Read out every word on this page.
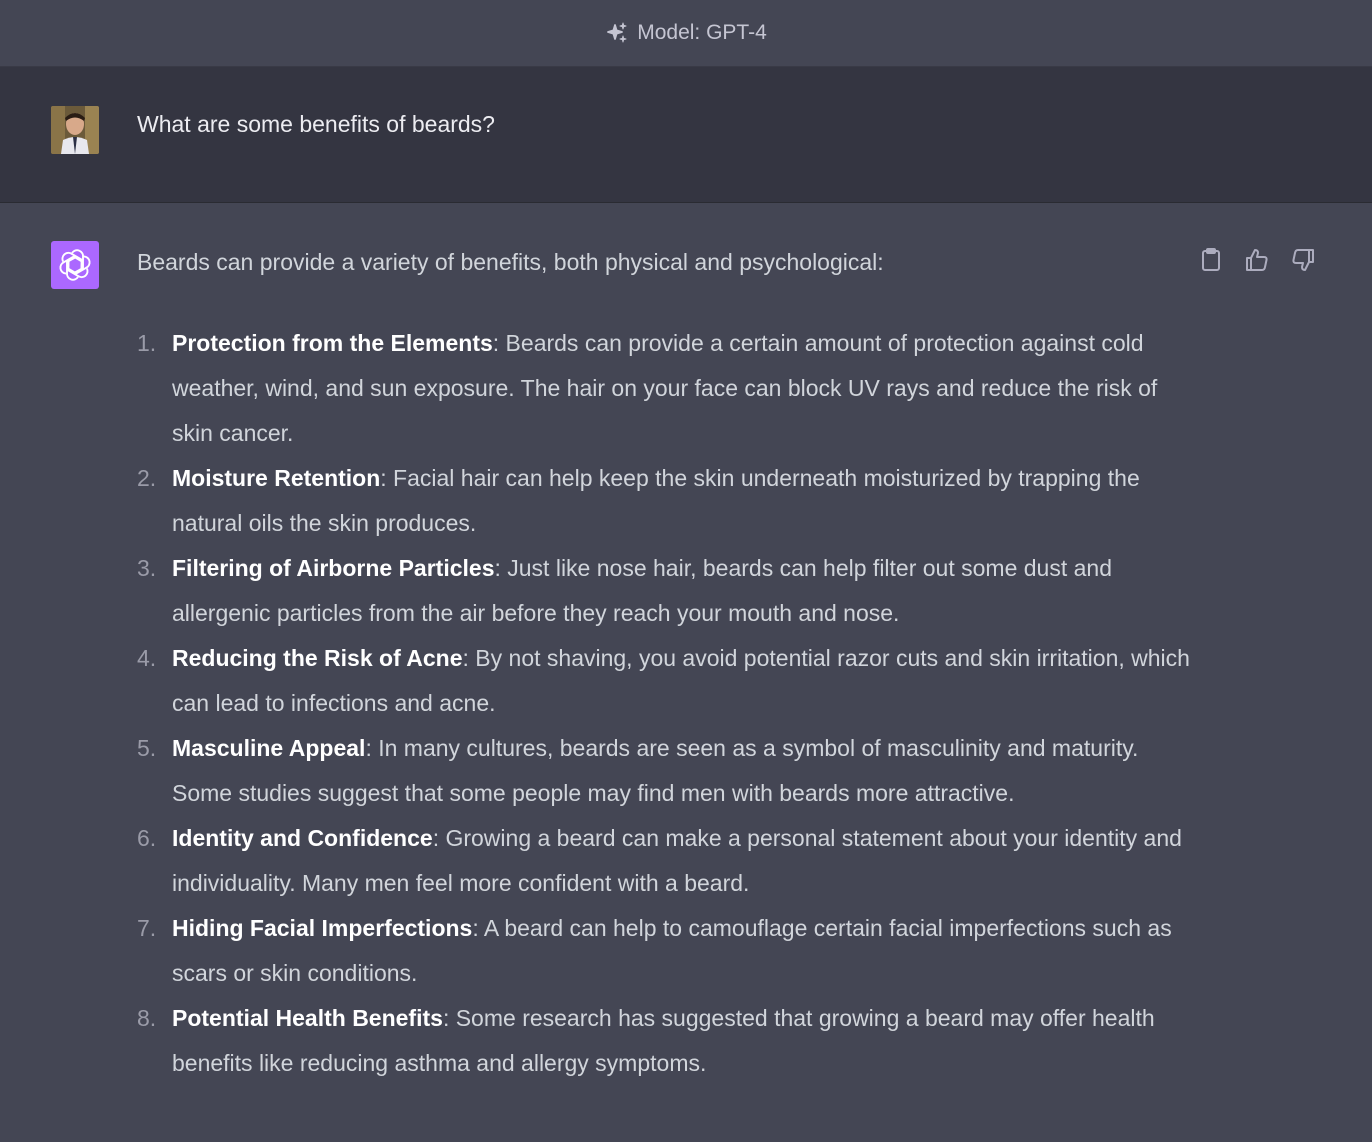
Model: GPT-4
What are some benefits of beards?
Beards can provide a variety of benefits, both physical and psychological:
1. Protection from the Elements: Beards can provide a certain amount of protection against cold weather, wind, and sun exposure. The hair on your face can block UV rays and reduce the risk of skin cancer.
2. Moisture Retention: Facial hair can help keep the skin underneath moisturized by trapping the natural oils the skin produces.
3. Filtering of Airborne Particles: Just like nose hair, beards can help filter out some dust and allergenic particles from the air before they reach your mouth and nose.
4. Reducing the Risk of Acne: By not shaving, you avoid potential razor cuts and skin irritation, which can lead to infections and acne.
5. Masculine Appeal: In many cultures, beards are seen as a symbol of masculinity and maturity. Some studies suggest that some people may find men with beards more attractive.
6. Identity and Confidence: Growing a beard can make a personal statement about your identity and individuality. Many men feel more confident with a beard.
7. Hiding Facial Imperfections: A beard can help to camouflage certain facial imperfections such as scars or skin conditions.
8. Potential Health Benefits: Some research has suggested that growing a beard may offer health benefits like reducing asthma and allergy symptoms.
